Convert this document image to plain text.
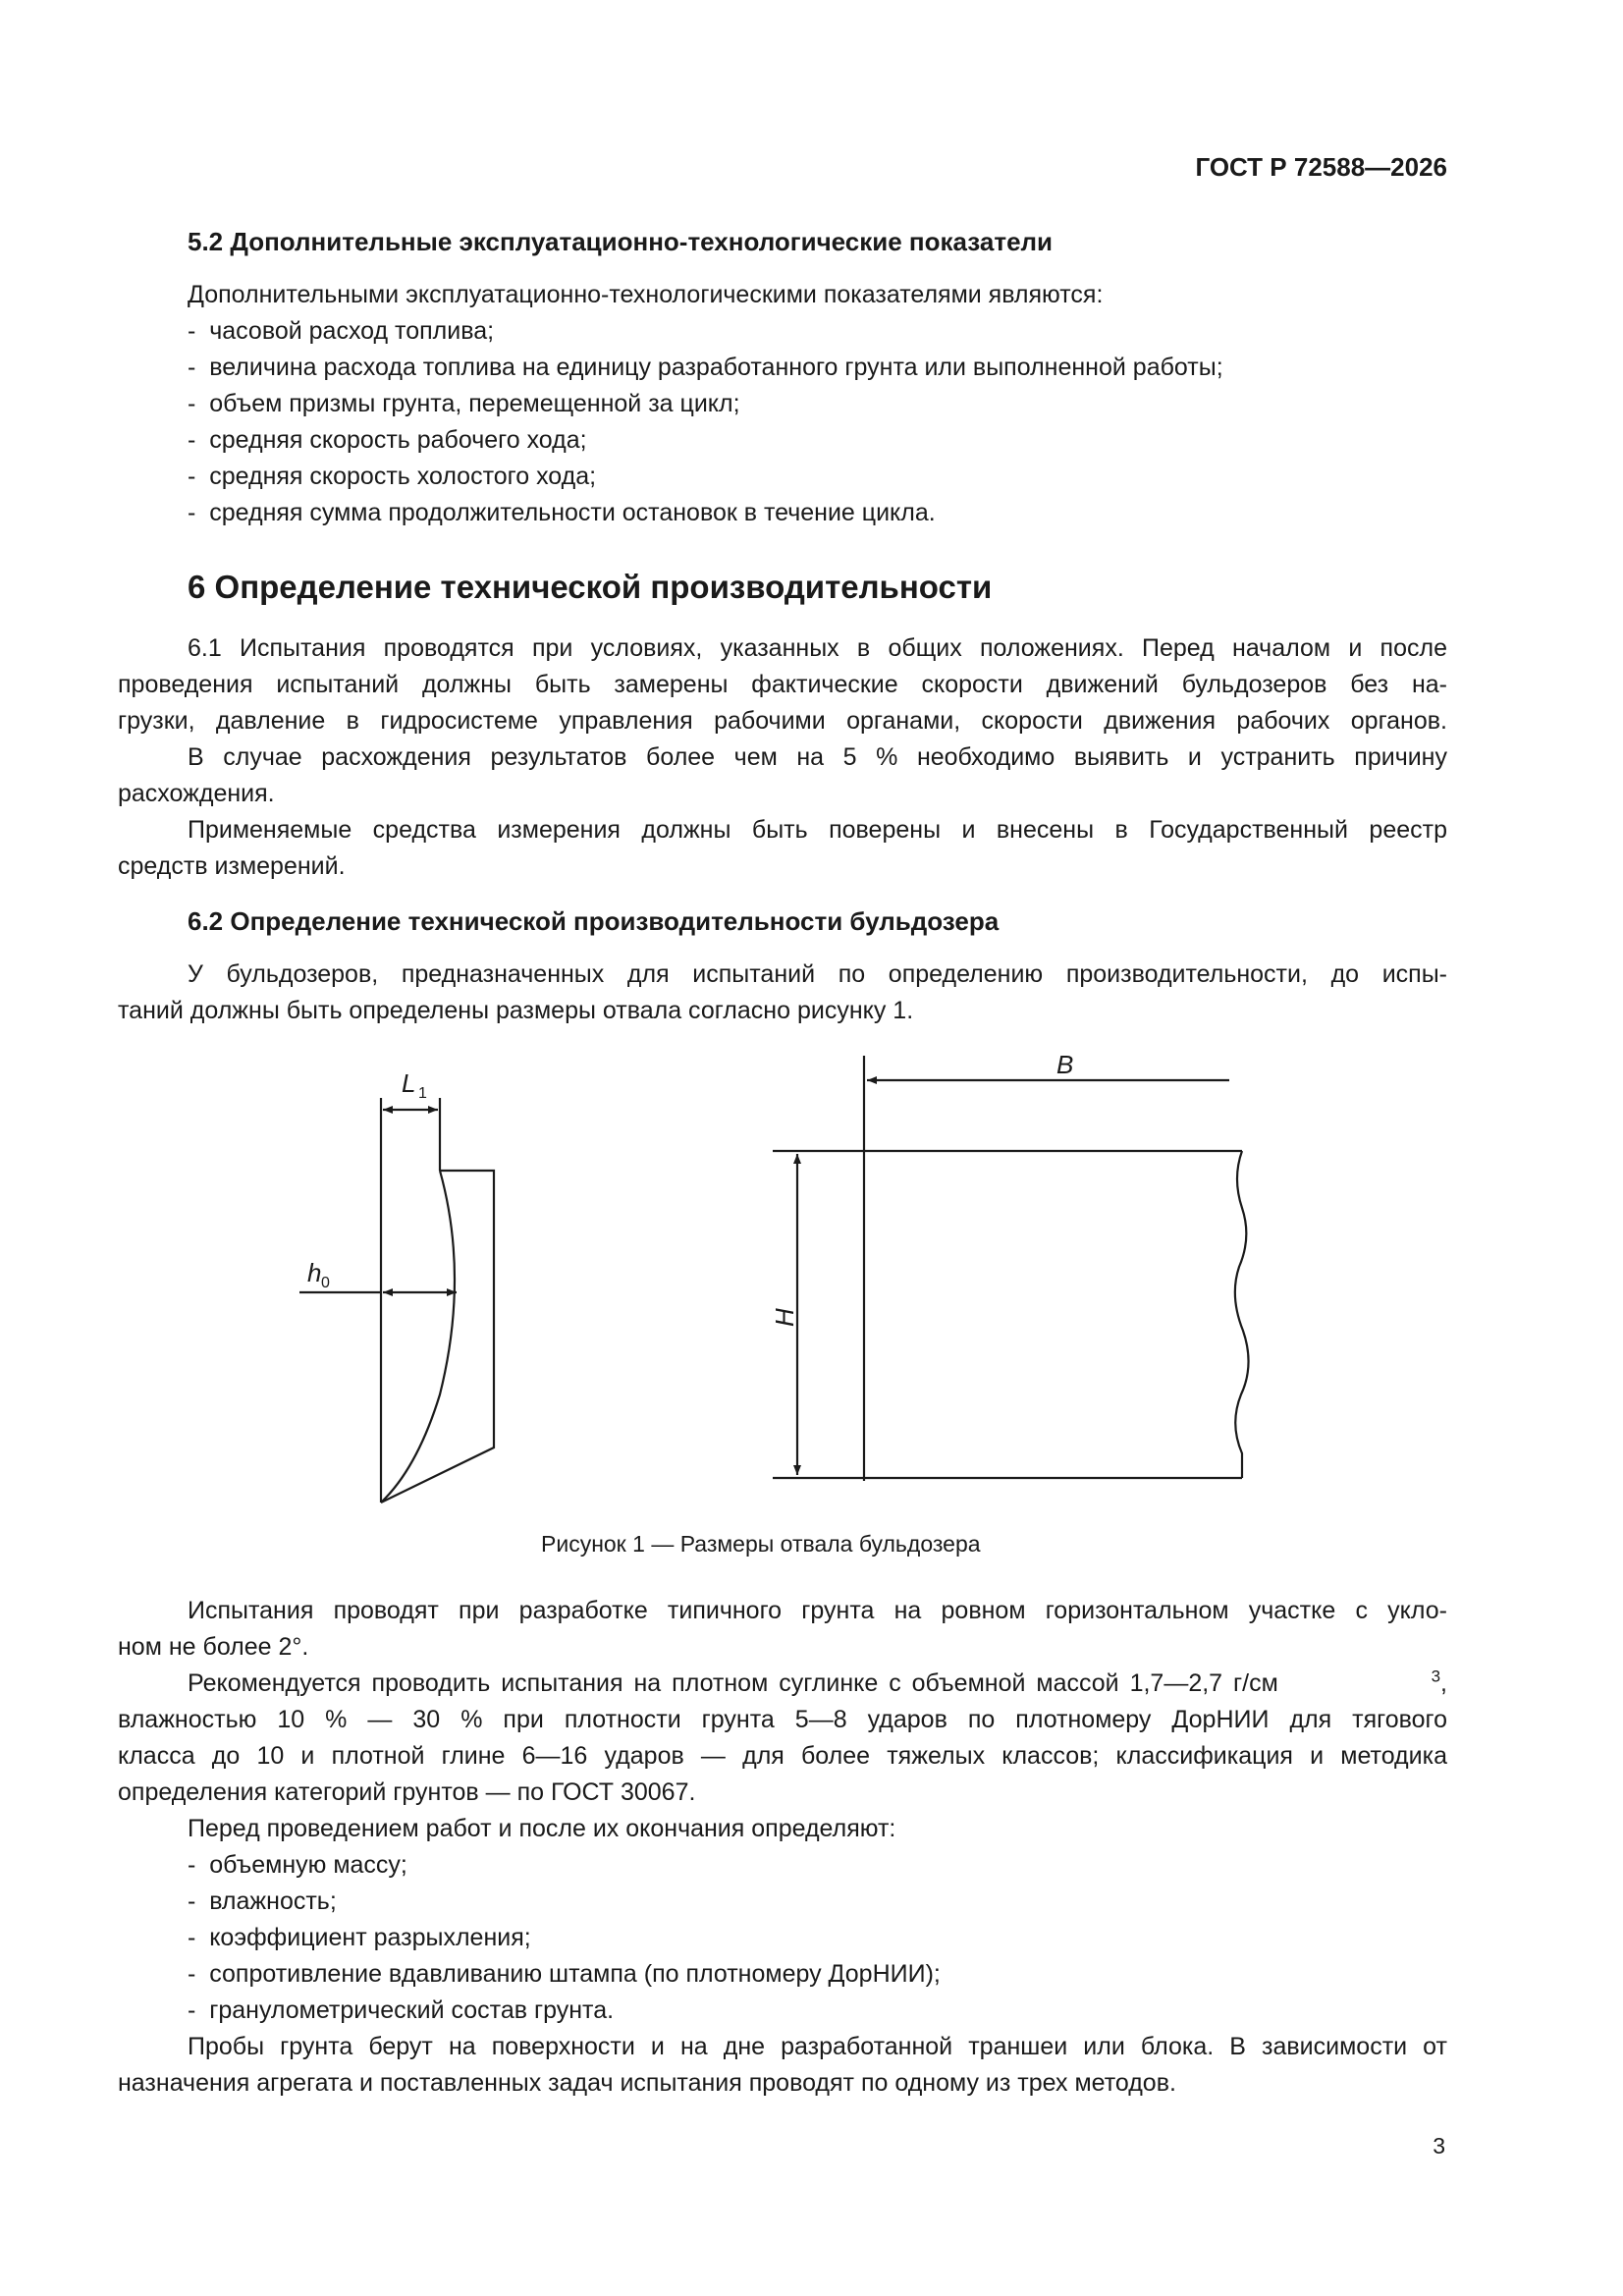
ГОСТ Р 72588—2026
5.2 Дополнительные эксплуатационно-технологические показатели
Дополнительными эксплуатационно-технологическими показателями являются:
-  часовой расход топлива;
-  величина расхода топлива на единицу разработанного грунта или выполненной работы;
-  объем призмы грунта, перемещенной за цикл;
-  средняя скорость рабочего хода;
-  средняя скорость холостого хода;
-  средняя сумма продолжительности остановок в течение цикла.
6 Определение технической производительности
6.1 Испытания проводятся при условиях, указанных в общих положениях. Перед началом и после
проведения испытаний должны быть замерены фактические скорости движений бульдозеров без на-
грузки, давление в гидросистеме управления рабочими органами, скорости движения рабочих органов.
В случае расхождения результатов более чем на 5 % необходимо выявить и устранить причину
расхождения.
Применяемые средства измерения должны быть поверены и внесены в Государственный реестр
средств измерений.
6.2 Определение технической производительности бульдозера
У бульдозеров, предназначенных для испытаний по определению производительности, до испы-
таний должны быть определены размеры отвала согласно рисунку 1.
L 1
h 0
B
H
Рисунок 1 — Размеры отвала бульдозера
Испытания проводят при разработке типичного грунта на ровном горизонтальном участке с укло-
ном не более 2°.
Рекомендуется проводить испытания на плотном суглинке с объемной массой 1,7—2,7 г/см	$^3$,
влажностью 10 % — 30 % при плотности грунта 5—8 ударов по плотномеру ДорНИИ для тягового
класса до 10 и плотной глине 6—16 ударов — для более тяжелых классов; классификация и методика
определения категорий грунтов — по ГОСТ 30067.
Перед проведением работ и после их окончания определяют:
-  объемную массу;
-  влажность;
-  коэффициент разрыхления;
-  сопротивление вдавливанию штампа (по плотномеру ДорНИИ);
-  гранулометрический состав грунта.
Пробы грунта берут на поверхности и на дне разработанной траншеи или блока. В зависимости от
назначения агрегата и поставленных задач испытания проводят по одному из трех методов.
3
